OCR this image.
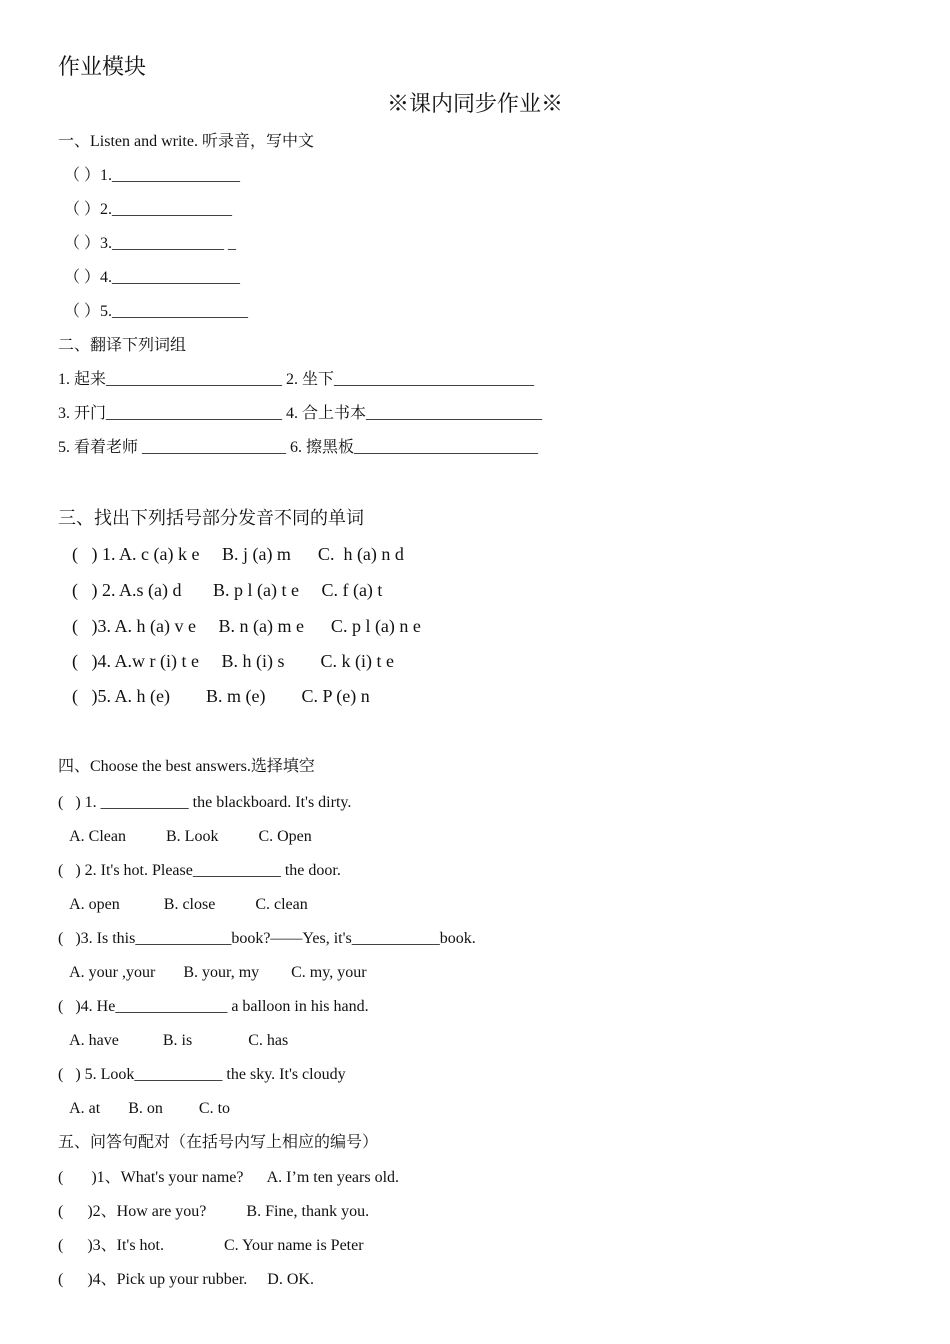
作业模块
※课内同步作业※
一、Listen and write. 听录音，写中文
（ ）1.________________
（ ）2._______________
（ ）3.______________ _
（ ）4.________________
（ ）5._________________
二、翻译下列词组
1. 起来______________________ 2. 坐下_________________________
3. 开门______________________ 4. 合上书本______________________
5. 看着老师 __________________ 6. 擦黑板_______________________
三、找出下列括号部分发音不同的单词
(   ) 1. A. c (a) k e     B. j (a) m      C.  h (a) n d
(   ) 2. A.s (a) d       B. p l (a) t e     C. f (a) t
(   )3. A. h (a) v e     B. n (a) m e      C. p l (a) n e
(   )4. A.w r (i) t e     B. h (i) s        C. k (i) t e
(   )5. A. h (e)        B. m (e)        C. P (e) n
四、Choose the best answers.选择填空
(   ) 1. ___________ the blackboard. It's dirty.
A. Clean          B. Look          C. Open
(   ) 2. It's hot. Please___________ the door.
A. open           B. close          C. clean
(   )3. Is this____________book?——Yes, it's___________book.
A. your ,your       B. your, my        C. my, your
(   )4. He______________ a balloon in his hand.
A. have           B. is              C. has
(   ) 5. Look___________ the sky. It's cloudy
A. at       B. on         C. to
五、问答句配对（在括号内写上相应的编号）
(       )1、What's your name?      A. I’m ten years old.
(      )2、How are you?          B. Fine, thank you.
(      )3、It's hot.               C. Your name is Peter
(      )4、Pick up your rubber.     D. OK.
